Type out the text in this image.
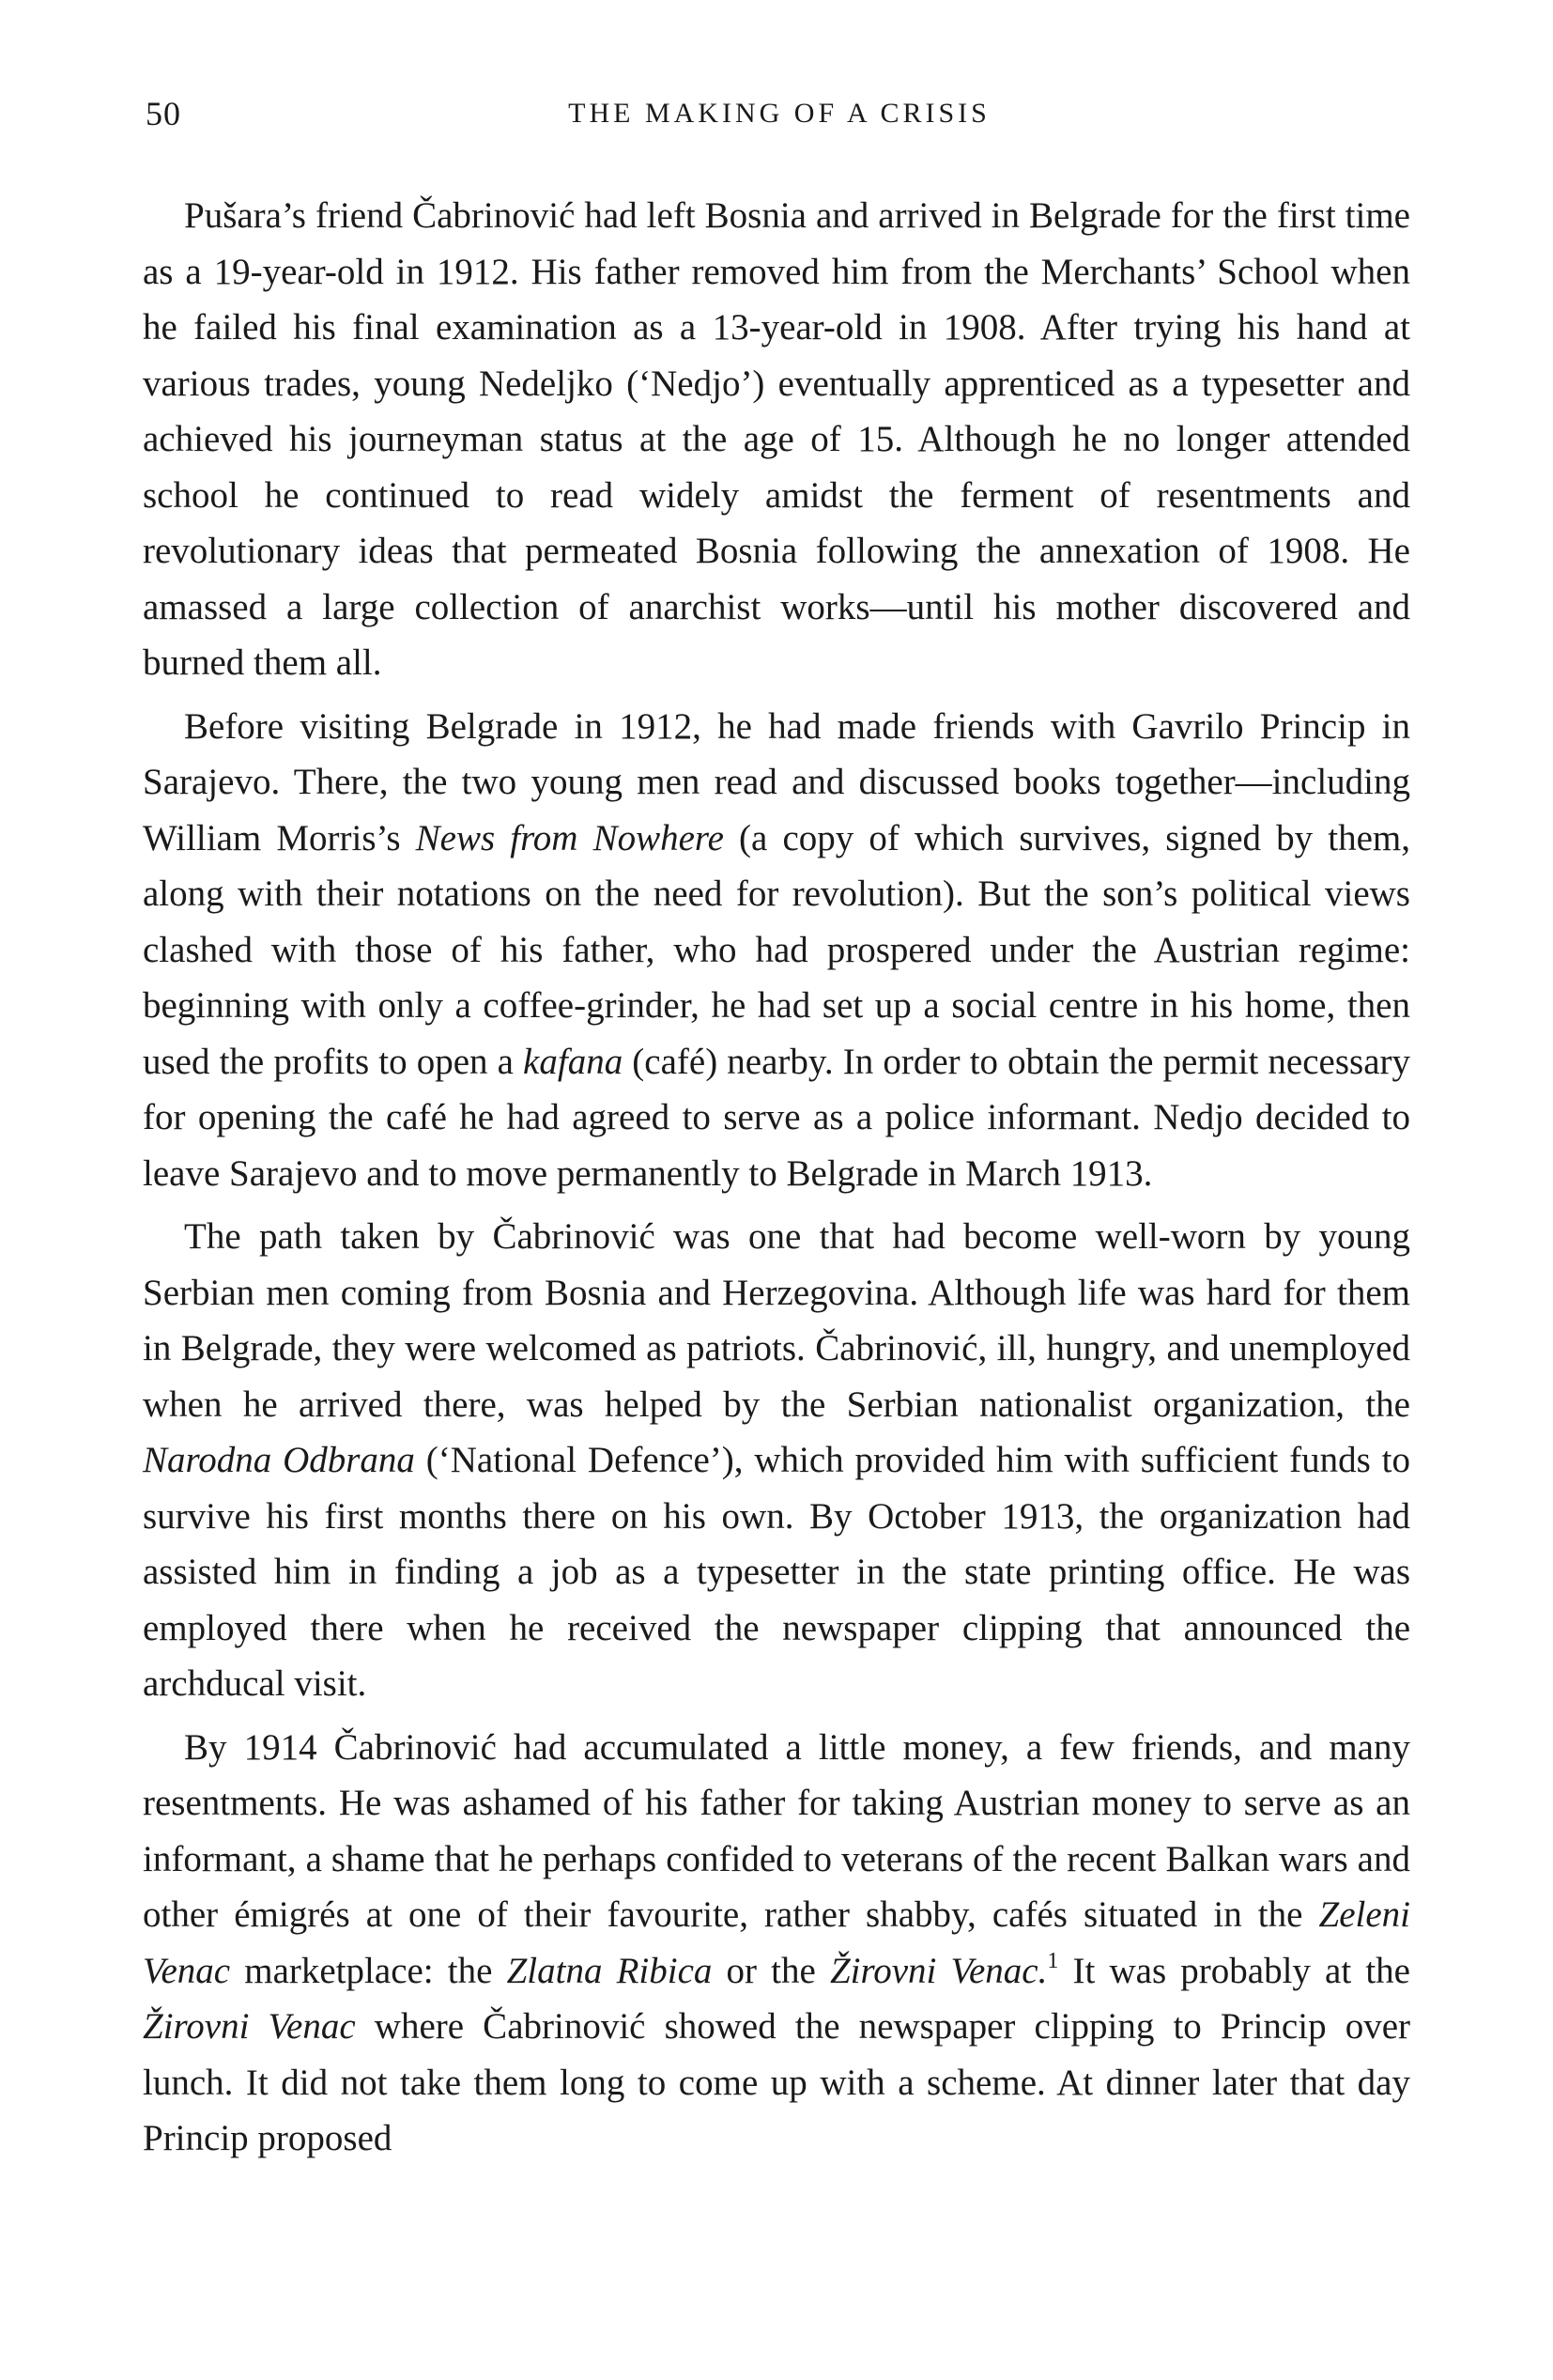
50	THE MAKING OF A CRISIS

Pušara’s friend Čabrinović had left Bosnia and arrived in Belgrade for the first time as a 19-year-old in 1912. His father removed him from the Merchants’ School when he failed his final examination as a 13-year-old in 1908. After trying his hand at various trades, young Nedeljko (‘Nedjo’) eventually apprenticed as a typesetter and achieved his journeyman status at the age of 15. Although he no longer attended school he continued to read widely amidst the ferment of resentments and revolutionary ideas that permeated Bosnia following the annexation of 1908. He amassed a large collection of anarchist works—until his mother discovered and burned them all.

Before visiting Belgrade in 1912, he had made friends with Gavrilo Princip in Sarajevo. There, the two young men read and discussed books together—including William Morris’s News from Nowhere (a copy of which survives, signed by them, along with their notations on the need for revolution). But the son’s political views clashed with those of his father, who had prospered under the Austrian regime: beginning with only a coffee-grinder, he had set up a social centre in his home, then used the profits to open a kafana (café) nearby. In order to obtain the permit necessary for opening the café he had agreed to serve as a police informant. Nedjo decided to leave Sarajevo and to move permanently to Belgrade in March 1913.

The path taken by Čabrinović was one that had become well-worn by young Serbian men coming from Bosnia and Herzegovina. Although life was hard for them in Belgrade, they were welcomed as patriots. Čabrinović, ill, hungry, and unemployed when he arrived there, was helped by the Serbian nationalist organization, the Narodna Odbrana (‘National Defence’), which provided him with sufficient funds to survive his first months there on his own. By October 1913, the organization had assisted him in finding a job as a typesetter in the state printing office. He was employed there when he received the newspaper clipping that announced the archducal visit.

By 1914 Čabrinović had accumulated a little money, a few friends, and many resentments. He was ashamed of his father for taking Austrian money to serve as an informant, a shame that he perhaps confided to veterans of the recent Balkan wars and other émigrés at one of their favourite, rather shabby, cafés situated in the Zeleni Venac marketplace: the Zlatna Ribica or the Žirovni Venac.$^1$ It was probably at the Žirovni Venac where Čabrinović showed the newspaper clipping to Princip over lunch. It did not take them long to come up with a scheme. At dinner later that day Princip proposed
